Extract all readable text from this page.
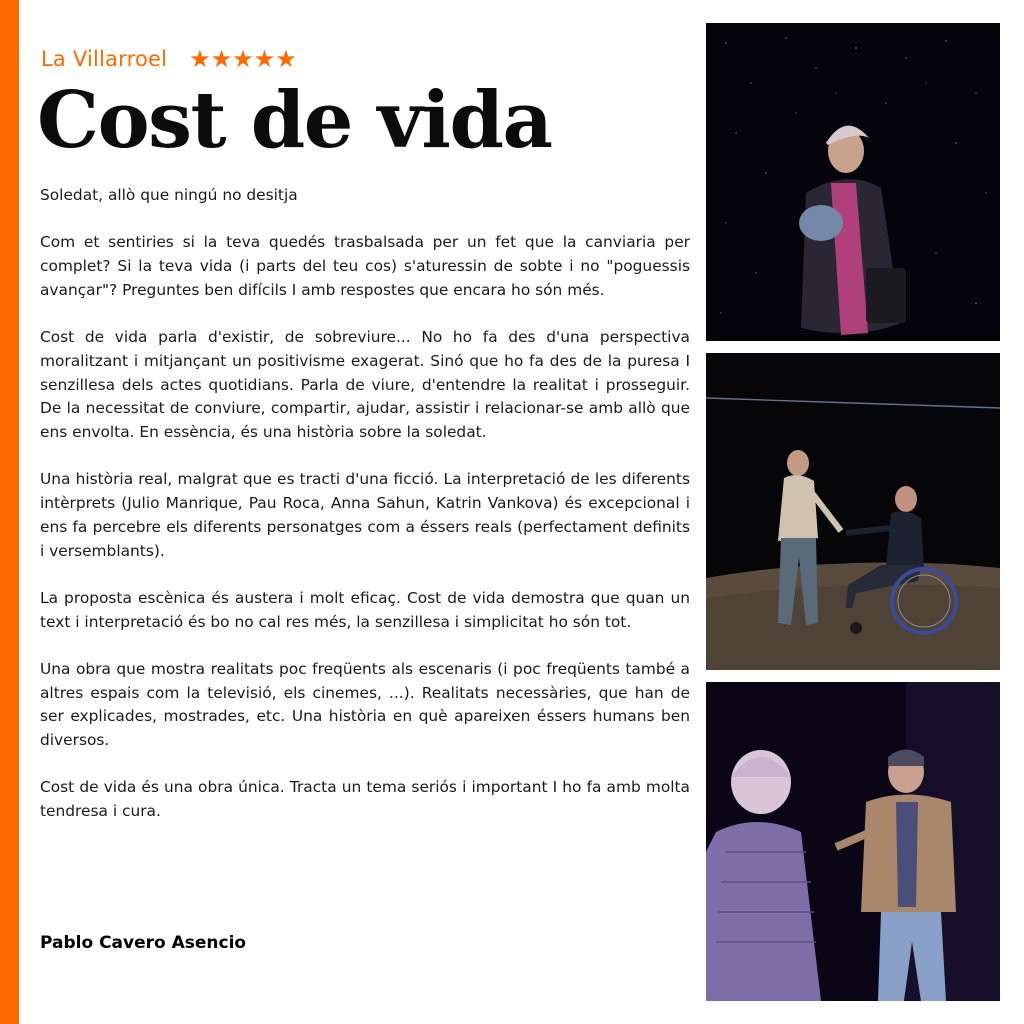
La Villarroel ★★★★★
Cost de vida

Soledat, allò que ningú no desitja

Com et sentiries si la teva quedés trasbalsada per un fet que la canviaria per complet? Si la teva vida (i parts del teu cos) s'aturessin de sobte i no "poguessis avançar"? Preguntes ben difícils I amb respostes que encara ho són més.

Cost de vida parla d'existir, de sobreviure... No ho fa des d'una perspectiva moralitzant i mitjançant un positivisme exagerat. Sinó que ho fa des de la puresa I senzillesa dels actes quotidians. Parla de viure, d'entendre la realitat i prosseguir. De la necessitat de conviure, compartir, ajudar, assistir i relacionar-se amb allò que ens envolta. En essència, és una història sobre la soledat.

Una història real, malgrat que es tracti d'una ficció. La interpretació de les diferents intèrprets (Julio Manrique, Pau Roca, Anna Sahun, Katrin Vankova) és excepcional i ens fa percebre els diferents personatges com a éssers reals (perfectament definits i versemblants).

La proposta escènica és austera i molt eficaç. Cost de vida demostra que quan un text i interpretació és bo no cal res més, la senzillesa i simplicitat ho són tot.

Una obra que mostra realitats poc freqüents als escenaris (i poc freqüents també a altres espais com la televisió, els cinemes, ...). Realitats necessàries, que han de ser explicades, mostrades, etc. Una història en què apareixen éssers humans ben diversos.

Cost de vida és una obra única. Tracta un tema seriós i important I ho fa amb molta tendresa i cura.

Pablo Cavero Asencio
